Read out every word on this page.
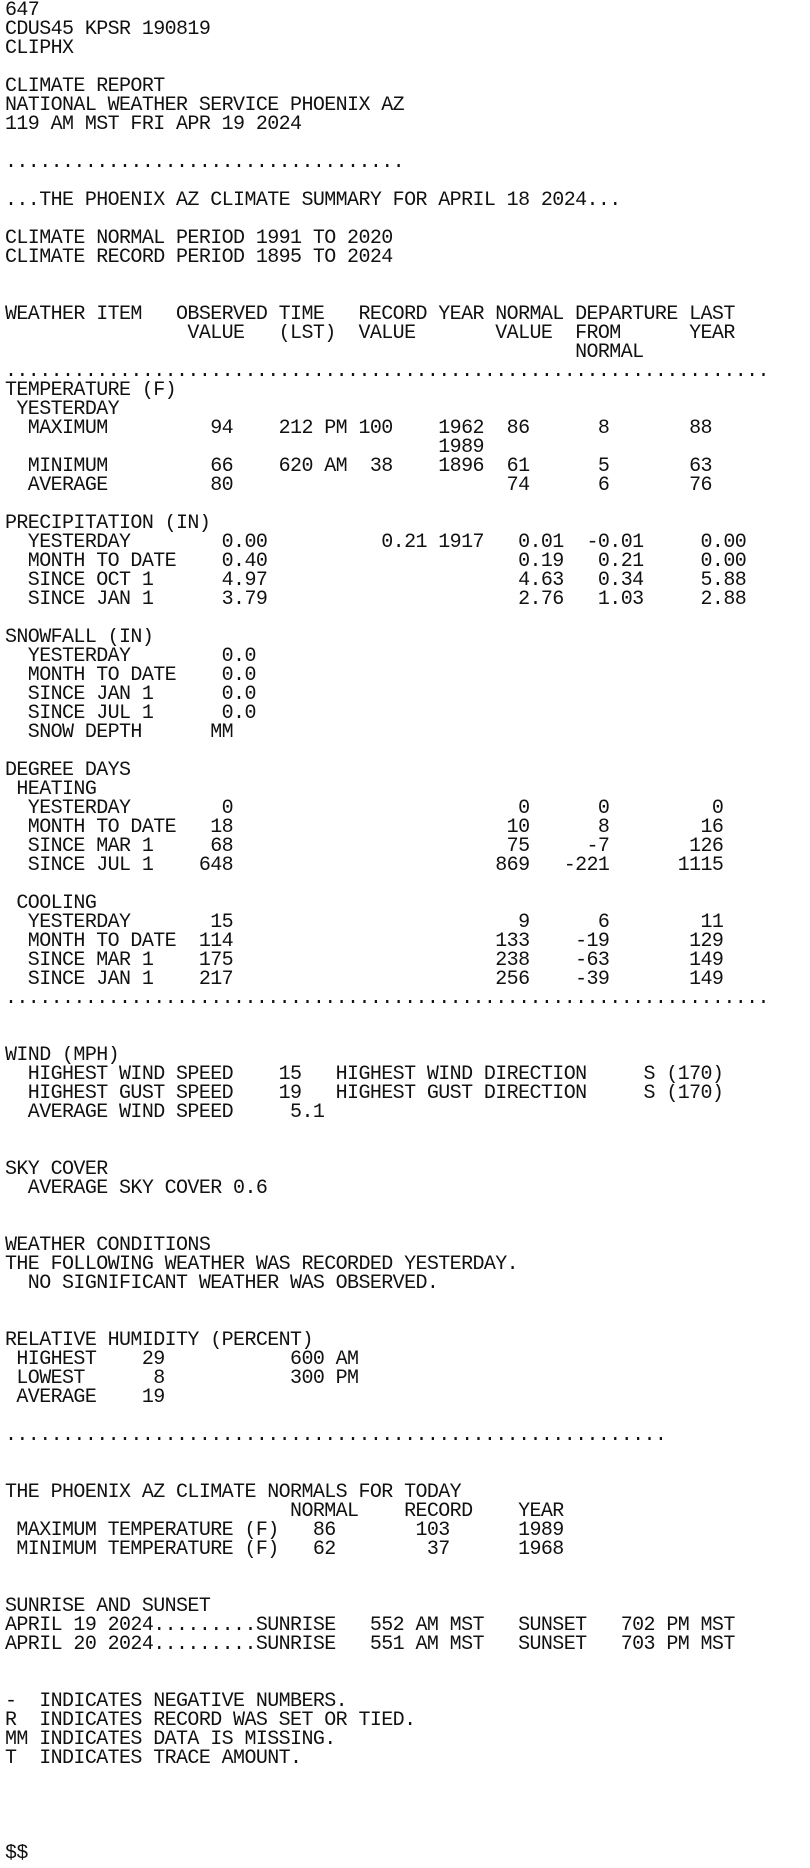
647
CDUS45 KPSR 190819
CLIPHX
CLIMATE REPORT
NATIONAL WEATHER SERVICE PHOENIX AZ
119 AM MST FRI APR 19 2024
...................................
...THE PHOENIX AZ CLIMATE SUMMARY FOR APRIL 18 2024...
CLIMATE NORMAL PERIOD 1991 TO 2020
CLIMATE RECORD PERIOD 1895 TO 2024
WEATHER ITEM   OBSERVED TIME   RECORD YEAR NORMAL DEPARTURE LAST
VALUE   (LST)  VALUE       VALUE  FROM      YEAR
NORMAL
...................................................................
TEMPERATURE (F)
YESTERDAY
MAXIMUM         94    212 PM 100    1962  86      8       88
1989
MINIMUM         66    620 AM  38    1896  61      5       63
AVERAGE         80                        74      6       76
PRECIPITATION (IN)
YESTERDAY        0.00          0.21 1917   0.01  -0.01     0.00
MONTH TO DATE    0.40                      0.19   0.21     0.00
SINCE OCT 1      4.97                      4.63   0.34     5.88
SINCE JAN 1      3.79                      2.76   1.03     2.88
SNOWFALL (IN)
YESTERDAY        0.0
MONTH TO DATE    0.0
SINCE JAN 1      0.0
SINCE JUL 1      0.0
SNOW DEPTH      MM
DEGREE DAYS
HEATING
YESTERDAY        0                         0      0         0
MONTH TO DATE   18                        10      8        16
SINCE MAR 1     68                        75     -7       126
SINCE JUL 1    648                       869   -221      1115
COOLING
YESTERDAY       15                         9      6        11
MONTH TO DATE  114                       133    -19       129
SINCE MAR 1    175                       238    -63       149
SINCE JAN 1    217                       256    -39       149
...................................................................
WIND (MPH)
HIGHEST WIND SPEED    15   HIGHEST WIND DIRECTION     S (170)
HIGHEST GUST SPEED    19   HIGHEST GUST DIRECTION     S (170)
AVERAGE WIND SPEED     5.1
SKY COVER
AVERAGE SKY COVER 0.6
WEATHER CONDITIONS
THE FOLLOWING WEATHER WAS RECORDED YESTERDAY.
NO SIGNIFICANT WEATHER WAS OBSERVED.
RELATIVE HUMIDITY (PERCENT)
HIGHEST    29           600 AM
LOWEST      8           300 PM
AVERAGE    19
..........................................................
THE PHOENIX AZ CLIMATE NORMALS FOR TODAY
NORMAL    RECORD    YEAR
MAXIMUM TEMPERATURE (F)   86       103      1989
MINIMUM TEMPERATURE (F)   62        37      1968
SUNRISE AND SUNSET
APRIL 19 2024.........SUNRISE   552 AM MST   SUNSET   702 PM MST
APRIL 20 2024.........SUNRISE   551 AM MST   SUNSET   703 PM MST
-  INDICATES NEGATIVE NUMBERS.
R  INDICATES RECORD WAS SET OR TIED.
MM INDICATES DATA IS MISSING.
T  INDICATES TRACE AMOUNT.
$$
